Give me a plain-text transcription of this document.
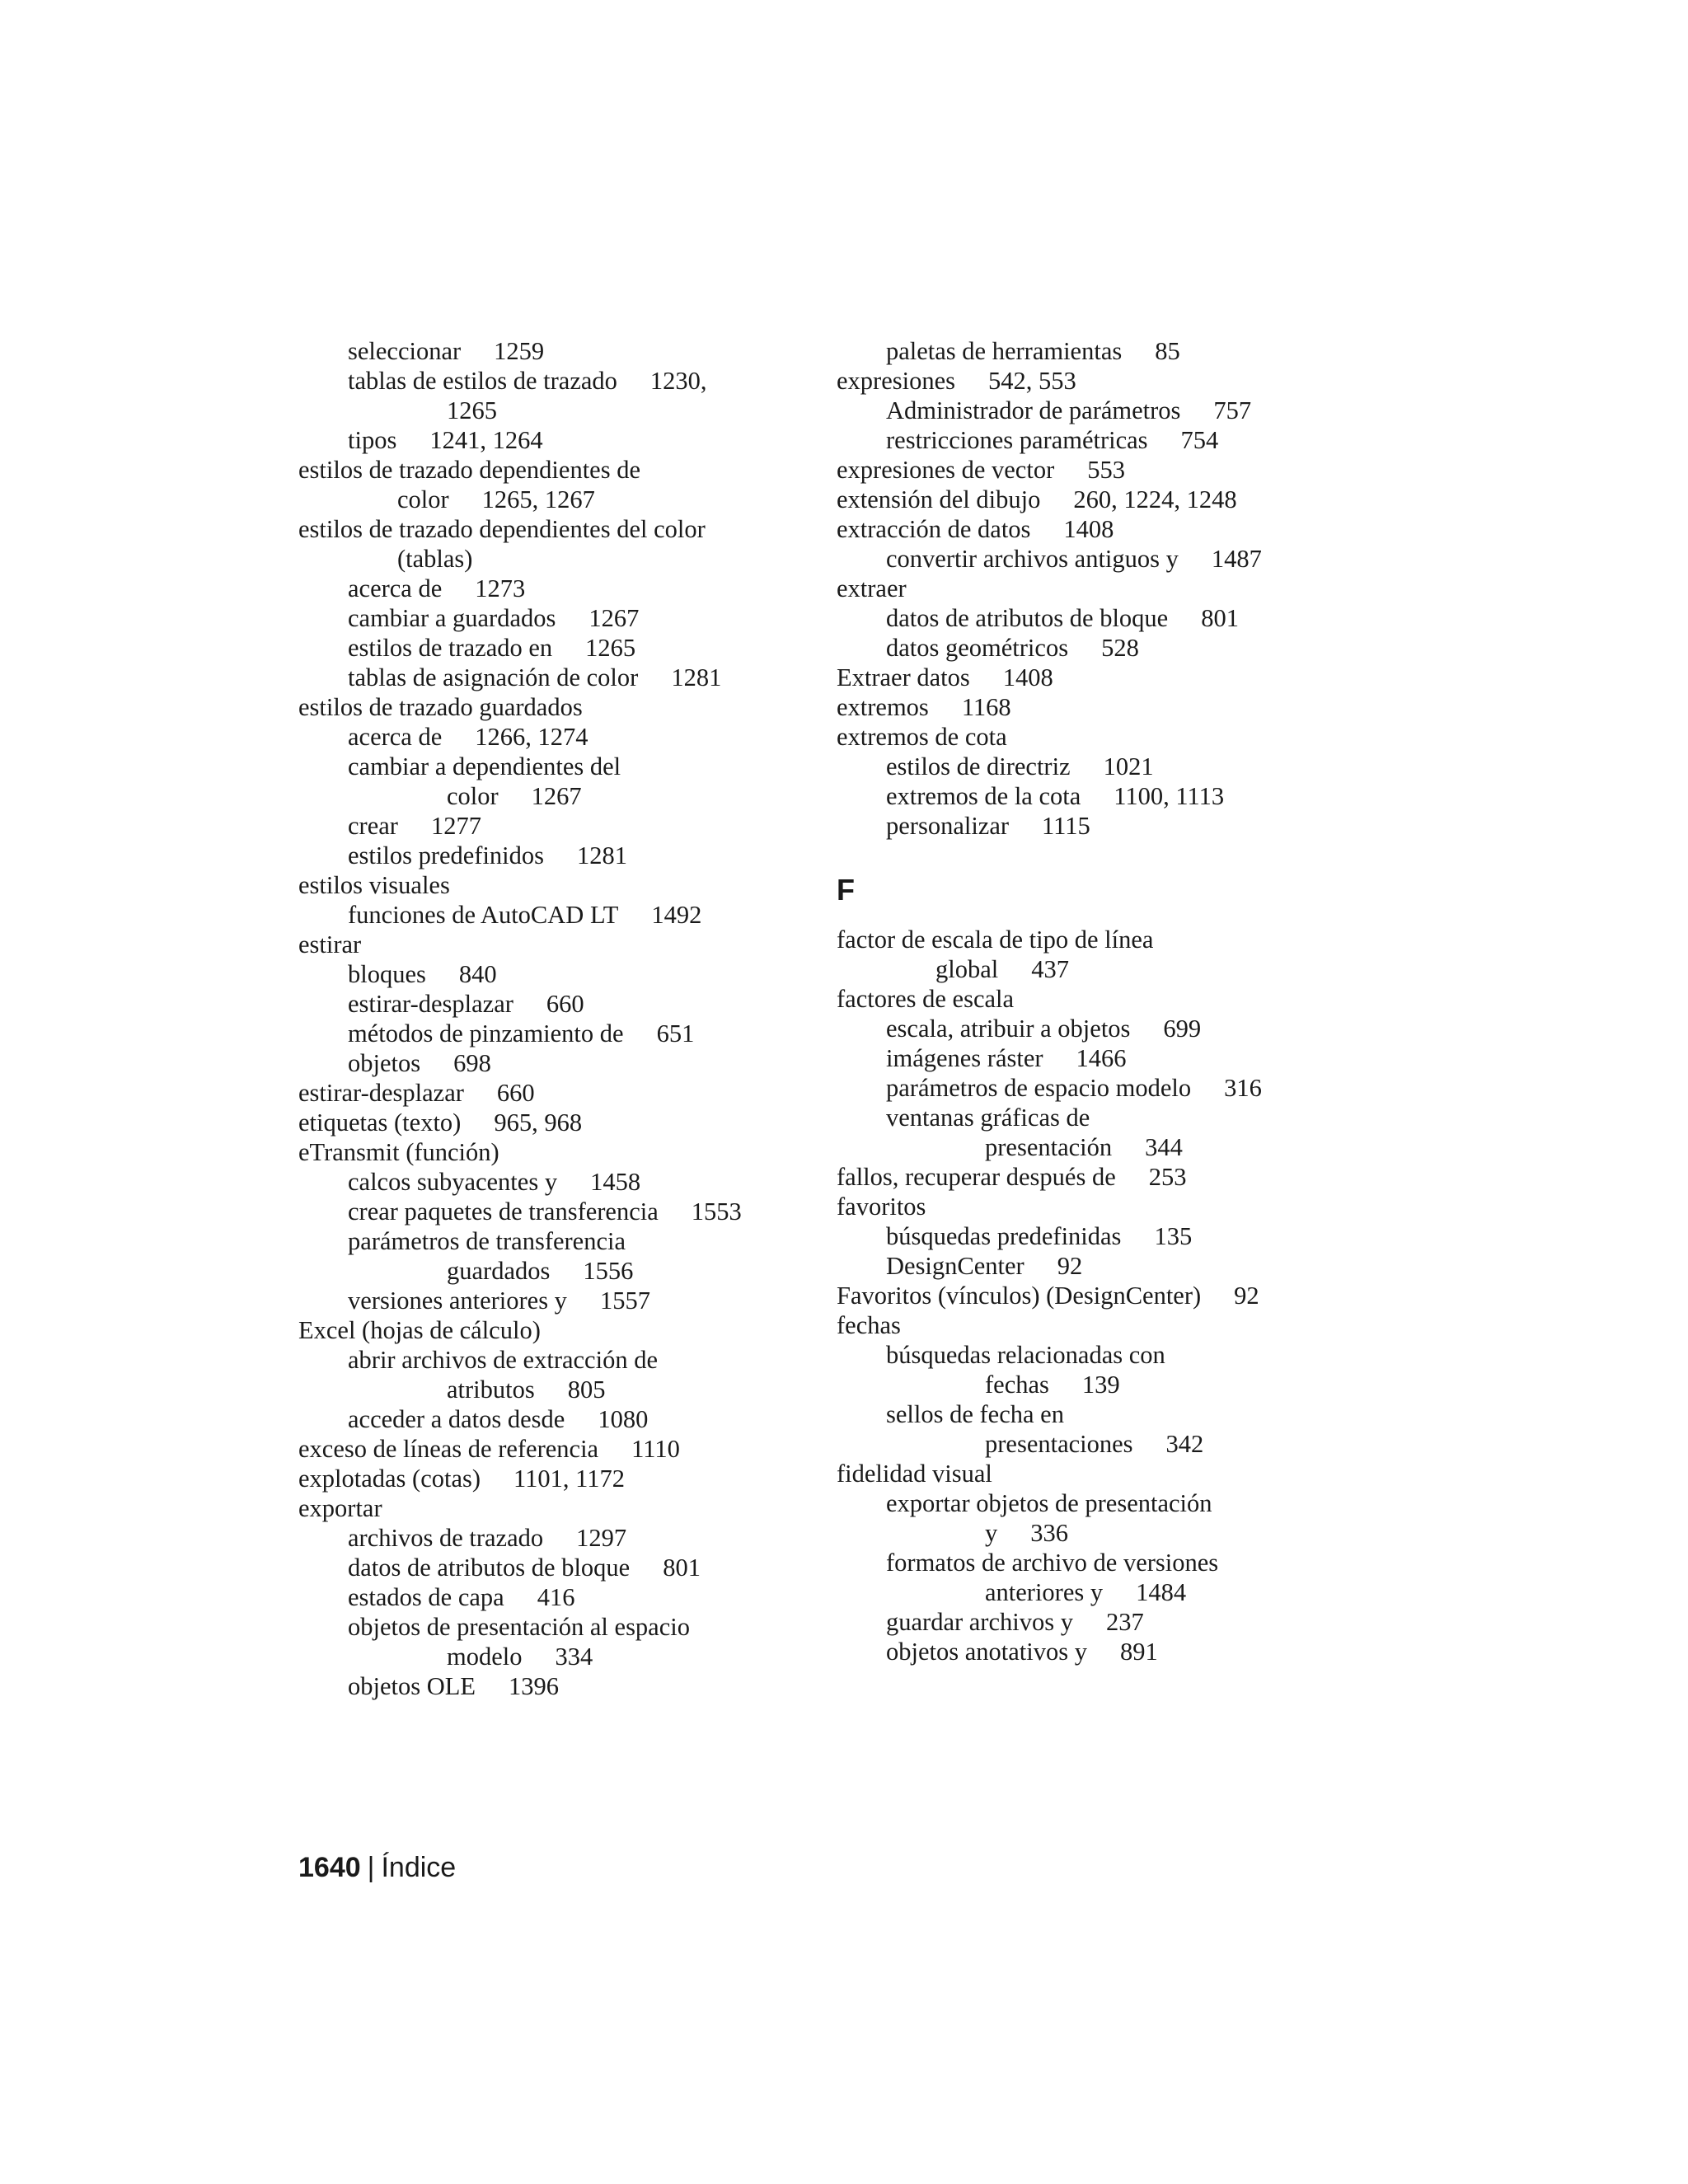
seleccionar 1259
tablas de estilos de trazado 1230,
1265
tipos 1241, 1264
estilos de trazado dependientes de
color 1265, 1267
estilos de trazado dependientes del color
(tablas)
acerca de 1273
cambiar a guardados 1267
estilos de trazado en 1265
tablas de asignación de color 1281
estilos de trazado guardados
acerca de 1266, 1274
cambiar a dependientes del
color 1267
crear 1277
estilos predefinidos 1281
estilos visuales
funciones de AutoCAD LT 1492
estirar
bloques 840
estirar-desplazar 660
métodos de pinzamiento de 651
objetos 698
estirar-desplazar 660
etiquetas (texto) 965, 968
eTransmit (función)
calcos subyacentes y 1458
crear paquetes de transferencia 1553
parámetros de transferencia
guardados 1556
versiones anteriores y 1557
Excel (hojas de cálculo)
abrir archivos de extracción de
atributos 805
acceder a datos desde 1080
exceso de líneas de referencia 1110
explotadas (cotas) 1101, 1172
exportar
archivos de trazado 1297
datos de atributos de bloque 801
estados de capa 416
objetos de presentación al espacio
modelo 334
objetos OLE 1396
paletas de herramientas 85
expresiones 542, 553
Administrador de parámetros 757
restricciones paramétricas 754
expresiones de vector 553
extensión del dibujo 260, 1224, 1248
extracción de datos 1408
convertir archivos antiguos y 1487
extraer
datos de atributos de bloque 801
datos geométricos 528
Extraer datos 1408
extremos 1168
extremos de cota
estilos de directriz 1021
extremos de la cota 1100, 1113
personalizar 1115
F
factor de escala de tipo de línea
global 437
factores de escala
escala, atribuir a objetos 699
imágenes ráster 1466
parámetros de espacio modelo 316
ventanas gráficas de
presentación 344
fallos, recuperar después de 253
favoritos
búsquedas predefinidas 135
DesignCenter 92
Favoritos (vínculos) (DesignCenter) 92
fechas
búsquedas relacionadas con
fechas 139
sellos de fecha en
presentaciones 342
fidelidad visual
exportar objetos de presentación
y 336
formatos de archivo de versiones
anteriores y 1484
guardar archivos y 237
objetos anotativos y 891
1640 | Índice
